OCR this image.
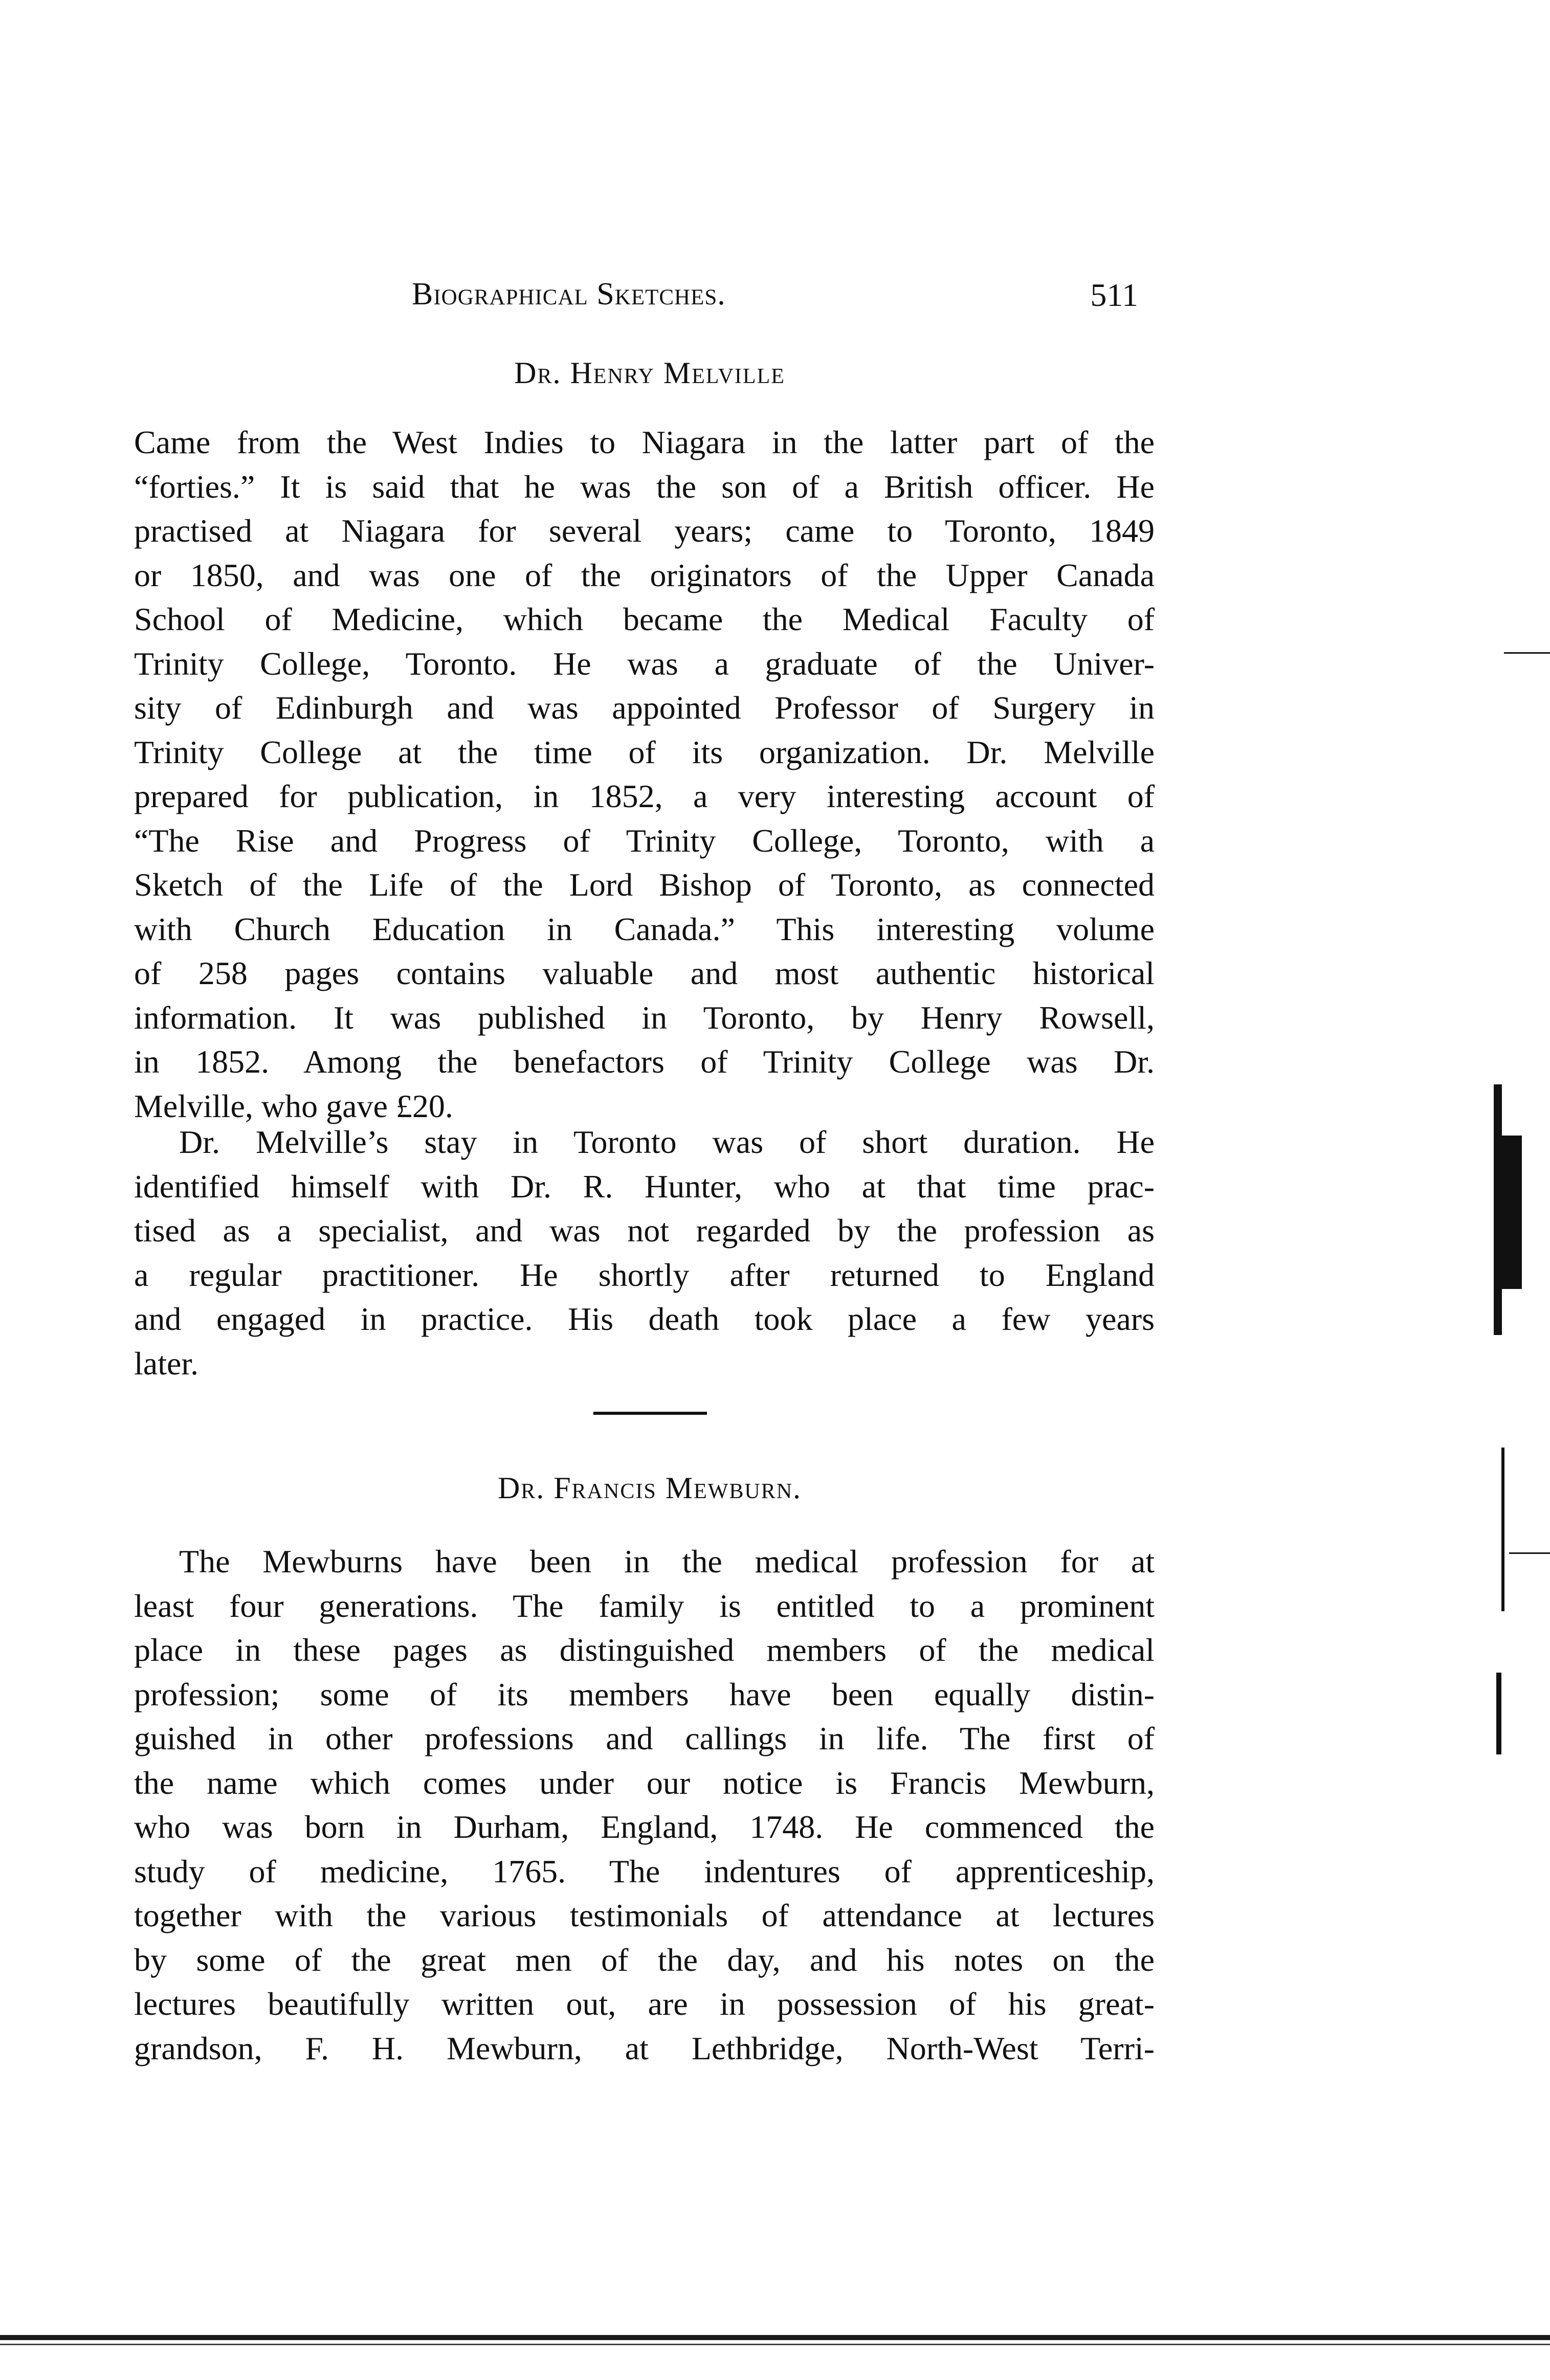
Biographical Sketches.	511
Dr. Henry Melville
Came from the West Indies to Niagara in the latter part of the
“forties.” It is said that he was the son of a British officer. He
practised at Niagara for several years; came to Toronto, 1849
or 1850, and was one of the originators of the Upper Canada
School of Medicine, which became the Medical Faculty of
Trinity College, Toronto. He was a graduate of the Univer-
sity of Edinburgh and was appointed Professor of Surgery in
Trinity College at the time of its organization. Dr. Melville
prepared for publication, in 1852, a very interesting account of
“The Rise and Progress of Trinity College, Toronto, with a
Sketch of the Life of the Lord Bishop of Toronto, as connected
with Church Education in Canada.” This interesting volume
of 258 pages contains valuable and most authentic historical
information. It was published in Toronto, by Henry Rowsell,
in 1852. Among the benefactors of Trinity College was Dr.
Melville, who gave £20.
Dr. Melville’s stay in Toronto was of short duration. He
identified himself with Dr. R. Hunter, who at that time prac-
tised as a specialist, and was not regarded by the profession as
a regular practitioner. He shortly after returned to England
and engaged in practice. His death took place a few years
later.
Dr. Francis Mewburn.
The Mewburns have been in the medical profession for at
least four generations. The family is entitled to a prominent
place in these pages as distinguished members of the medical
profession; some of its members have been equally distin-
guished in other professions and callings in life. The first of
the name which comes under our notice is Francis Mewburn,
who was born in Durham, England, 1748. He commenced the
study of medicine, 1765. The indentures of apprenticeship,
together with the various testimonials of attendance at lectures
by some of the great men of the day, and his notes on the
lectures beautifully written out, are in possession of his great-
grandson, F. H. Mewburn, at Lethbridge, North-West Terri-
